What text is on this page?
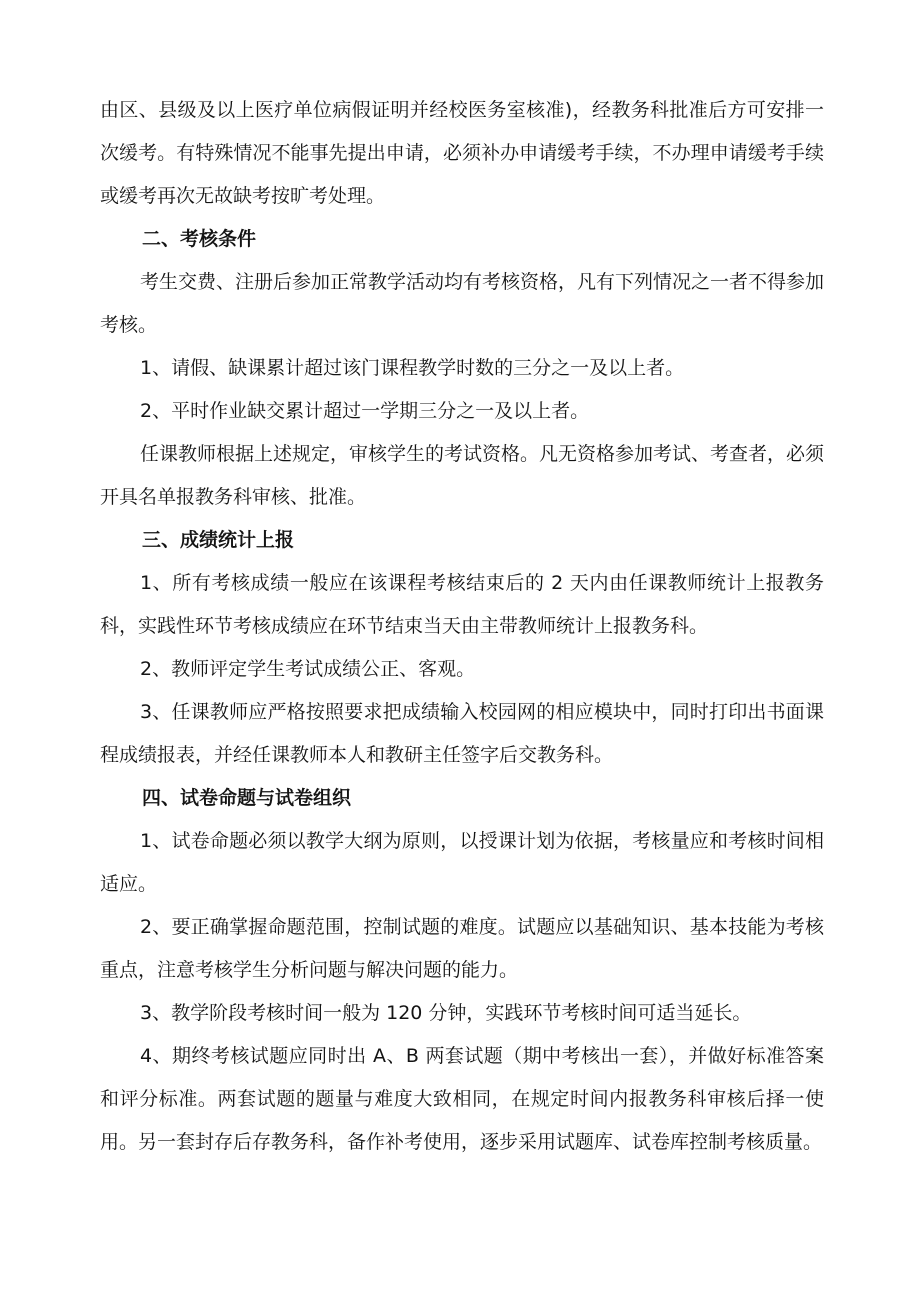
由区、县级及以上医疗单位病假证明并经校医务室核准)，经教务科批准后方可安排一次缓考。有特殊情况不能事先提出申请，必须补办申请缓考手续，不办理申请缓考手续或缓考再次无故缺考按旷考处理。

二、考核条件

考生交费、注册后参加正常教学活动均有考核资格，凡有下列情况之一者不得参加考核。

1、请假、缺课累计超过该门课程教学时数的三分之一及以上者。

2、平时作业缺交累计超过一学期三分之一及以上者。

任课教师根据上述规定，审核学生的考试资格。凡无资格参加考试、考查者，必须开具名单报教务科审核、批准。

三、成绩统计上报

1、所有考核成绩一般应在该课程考核结束后的 2 天内由任课教师统计上报教务科，实践性环节考核成绩应在环节结束当天由主带教师统计上报教务科。

2、教师评定学生考试成绩公正、客观。

3、任课教师应严格按照要求把成绩输入校园网的相应模块中，同时打印出书面课程成绩报表，并经任课教师本人和教研主任签字后交教务科。

四、试卷命题与试卷组织

1、试卷命题必须以教学大纲为原则，以授课计划为依据，考核量应和考核时间相适应。

2、要正确掌握命题范围，控制试题的难度。试题应以基础知识、基本技能为考核重点，注意考核学生分析问题与解决问题的能力。

3、教学阶段考核时间一般为 120 分钟，实践环节考核时间可适当延长。

4、期终考核试题应同时出 A、B 两套试题（期中考核出一套），并做好标准答案和评分标准。两套试题的题量与难度大致相同，在规定时间内报教务科审核后择一使用。另一套封存后存教务科，备作补考使用，逐步采用试题库、试卷库控制考核质量。
